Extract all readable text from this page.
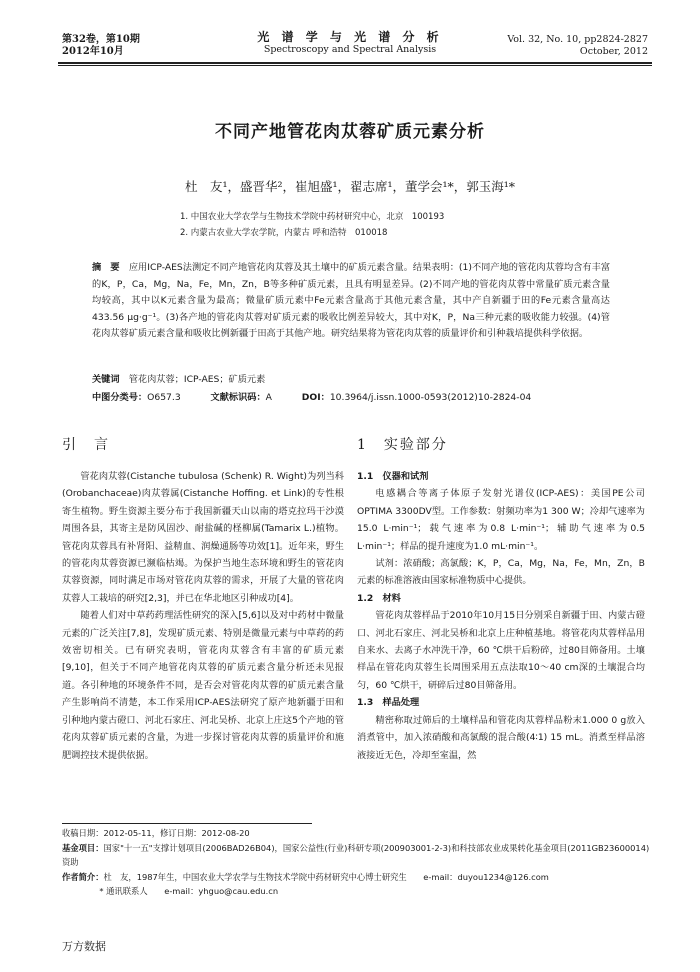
第32卷，第10期
2012年10月
光 谱 学 与 光 谱 分 析
Spectroscopy and Spectral Analysis
Vol. 32, No. 10, pp2824-2827
October, 2012
不同产地管花肉苁蓉矿质元素分析
杜　友¹，盛晋华²，崔旭盛¹，翟志席¹，董学会¹*，郭玉海¹*
1. 中国农业大学农学与生物技术学院中药材研究中心，北京　100193
2. 内蒙古农业大学农学院，内蒙古 呼和浩特　010018
摘　要　 应用ICP-AES法测定不同产地管花肉苁蓉及其土壤中的矿质元素含量。结果表明：(1)不同产地的管花肉苁蓉均含有丰富的K，P，Ca，Mg，Na，Fe，Mn，Zn，B等多种矿质元素，且具有明显差异。(2)不同产地的管花肉苁蓉中常量矿质元素含量均较高，其中以K元素含量为最高；微量矿质元素中Fe元素含量高于其他元素含量，其中产自新疆于田的Fe元素含量高达433.56 μg·g⁻¹。(3)各产地的管花肉苁蓉对矿质元素的吸收比例差异较大，其中对K，P，Na三种元素的吸收能力较强。(4)管花肉苁蓉矿质元素含量和吸收比例新疆于田高于其他产地。研究结果将为管花肉苁蓉的质量评价和引种栽培提供科学依据。
关键词　 管花肉苁蓉；ICP-AES；矿质元素
中图分类号：O657.3	文献标识码：A	DOI：10.3964/j.issn.1000-0593(2012)10-2824-04
引　言

管花肉苁蓉(Cistanche tubulosa (Schenk) R. Wight)为列当科(Orobanchaceae)肉苁蓉属(Cistanche Hoffing. et Link)的专性根寄生植物。野生资源主要分布于我国新疆天山以南的塔克拉玛干沙漠周围各县，其寄主是防风固沙、耐盐碱的柽柳属(Tamarix L.)植物。管花肉苁蓉具有补肾阳、益精血、润燥通肠等功效[1]。近年来，野生的管花肉苁蓉资源已濒临枯竭。为保护当地生态环境和野生的管花肉苁蓉资源，同时满足市场对管花肉苁蓉的需求，开展了大量的管花肉苁蓉人工栽培的研究[2,3]，并已在华北地区引种成功[4]。

随着人们对中草药药理活性研究的深入[5,6]以及对中药材中微量元素的广泛关注[7,8]，发现矿质元素、特别是微量元素与中草药的药效密切相关。已有研究表明，管花肉苁蓉含有丰富的矿质元素[9,10]，但关于不同产地管花肉苁蓉的矿质元素含量分析还未见报道。各引种地的环境条件不同，是否会对管花肉苁蓉的矿质元素含量产生影响尚不清楚，本工作采用ICP-AES法研究了原产地新疆于田和引种地内蒙古磴口、河北石家庄、河北吴桥、北京上庄这5个产地的管花肉苁蓉矿质元素的含量，为进一步探讨管花肉苁蓉的质量评价和施肥调控技术提供依据。

1　实验部分
1.1　仪器和试剂

电感耦合等离子体原子发射光谱仪(ICP-AES)：美国PE公司OPTIMA 3300DV型。工作参数：射频功率为1 300 W；冷却气速率为15.0 L·min⁻¹；载气速率为0.8 L·min⁻¹；辅助气速率为0.5 L·min⁻¹；样品的提升速度为1.0 mL·min⁻¹。

试剂：浓硝酸；高氯酸；K，P，Ca，Mg，Na，Fe，Mn，Zn，B元素的标准溶液由国家标准物质中心提供。

1.2　材料

管花肉苁蓉样品于2010年10月15日分别采自新疆于田、内蒙古磴口、河北石家庄、河北吴桥和北京上庄种植基地。将管花肉苁蓉样品用自来水、去离子水冲洗干净，60 ℃烘干后粉碎，过80目筛备用。土壤样品在管花肉苁蓉生长周围采用五点法取10～40 cm深的土壤混合均匀，60 ℃烘干，研碎后过80目筛备用。

1.3　样品处理

精密称取过筛后的土壤样品和管花肉苁蓉样品粉末1.000 0 g放入消煮管中，加入浓硝酸和高氯酸的混合酸(4∶1) 15 mL。消煮至样品溶液接近无色，冷却至室温，然

收稿日期：2012-05-11，修订日期：2012-08-20
基金项目：国家"十一五"支撑计划项目(2006BAD26B04)，国家公益性(行业)科研专项(200903001-2-3)和科技部农业成果转化基金项目(2011GB23600014)资助
作者简介：杜　友，1987年生，中国农业大学农学与生物技术学院中药材研究中心博士研究生　　e-mail：duyou1234@126.com
* 通讯联系人　　e-mail：yhguo@cau.edu.cn
万方数据
